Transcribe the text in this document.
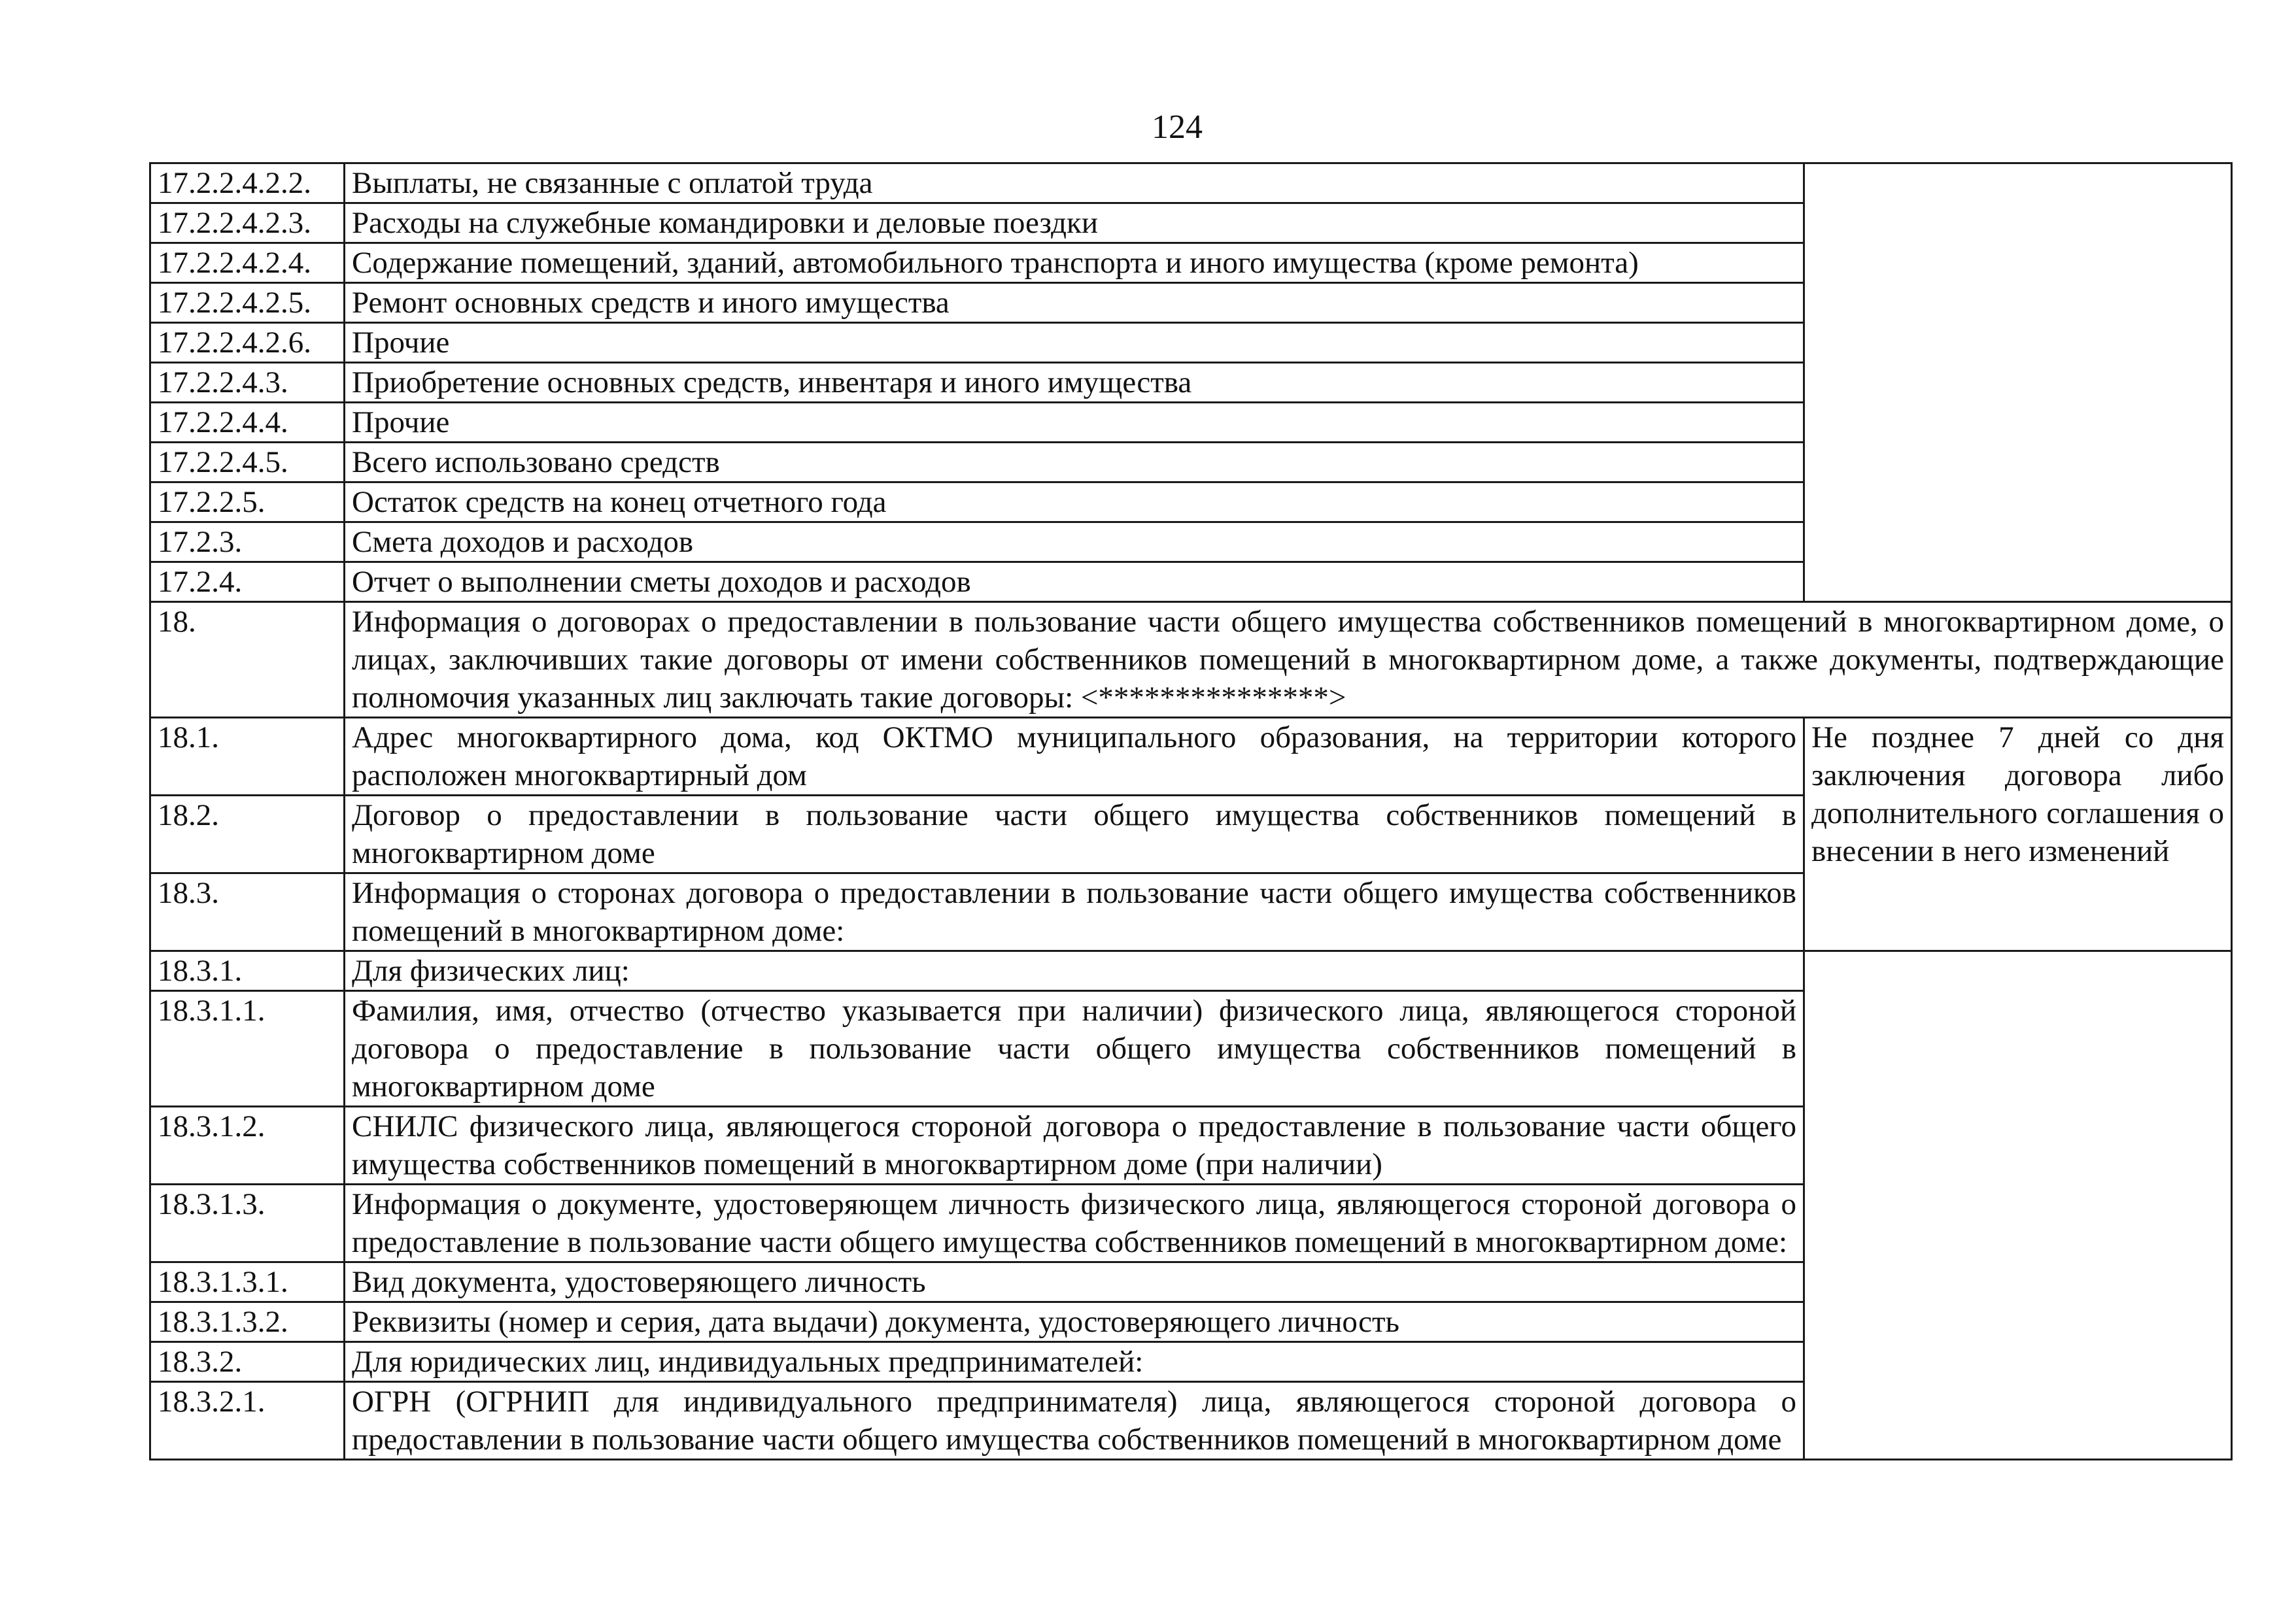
124
17.2.2.4.2.2.	Выплаты, не связанные с оплатой труда	
17.2.2.4.2.3.	Расходы на служебные командировки и деловые поездки	
17.2.2.4.2.4.	Содержание помещений, зданий, автомобильного транспорта и иного имущества (кроме ремонта)	
17.2.2.4.2.5.	Ремонт основных средств и иного имущества	
17.2.2.4.2.6.	Прочие	
17.2.2.4.3.	Приобретение основных средств, инвентаря и иного имущества	
17.2.2.4.4.	Прочие	
17.2.2.4.5.	Всего использовано средств	
17.2.2.5.	Остаток средств на конец отчетного года	
17.2.3.	Смета доходов и расходов	
17.2.4.	Отчет о выполнении сметы доходов и расходов	
18.	Информация о договорах о предоставлении в пользование части общего имущества собственников помещений в многоквартирном доме, о лицах, заключивших такие договоры от имени собственников помещений в многоквартирном доме, а также документы, подтверждающие полномочия указанных лиц заключать такие договоры: <***************>	
18.1.	Адрес многоквартирного дома, код ОКТМО муниципального образования, на территории которого расположен многоквартирный дом	Не позднее 7 дней со дня заключения договора либо дополнительного соглашения о внесении в него изменений
18.2.	Договор о предоставлении в пользование части общего имущества собственников помещений в многоквартирном доме	
18.3.	Информация о сторонах договора о предоставлении в пользование части общего имущества собственников помещений в многоквартирном доме:	
18.3.1.	Для физических лиц:	
18.3.1.1.	Фамилия, имя, отчество (отчество указывается при наличии) физического лица, являющегося стороной договора о предоставление в пользование части общего имущества собственников помещений в многоквартирном доме	
18.3.1.2.	СНИЛС физического лица, являющегося стороной договора о предоставление в пользование части общего имущества собственников помещений в многоквартирном доме (при наличии)	
18.3.1.3.	Информация о документе, удостоверяющем личность физического лица, являющегося стороной договора о предоставление в пользование части общего имущества собственников помещений в многоквартирном доме:	
18.3.1.3.1.	Вид документа, удостоверяющего личность	
18.3.1.3.2.	Реквизиты (номер и серия, дата выдачи) документа, удостоверяющего личность	
18.3.2.	Для юридических лиц, индивидуальных предпринимателей:	
18.3.2.1.	ОГРН (ОГРНИП для индивидуального предпринимателя) лица, являющегося стороной договора о предоставлении в пользование части общего имущества собственников помещений в многоквартирном доме	
